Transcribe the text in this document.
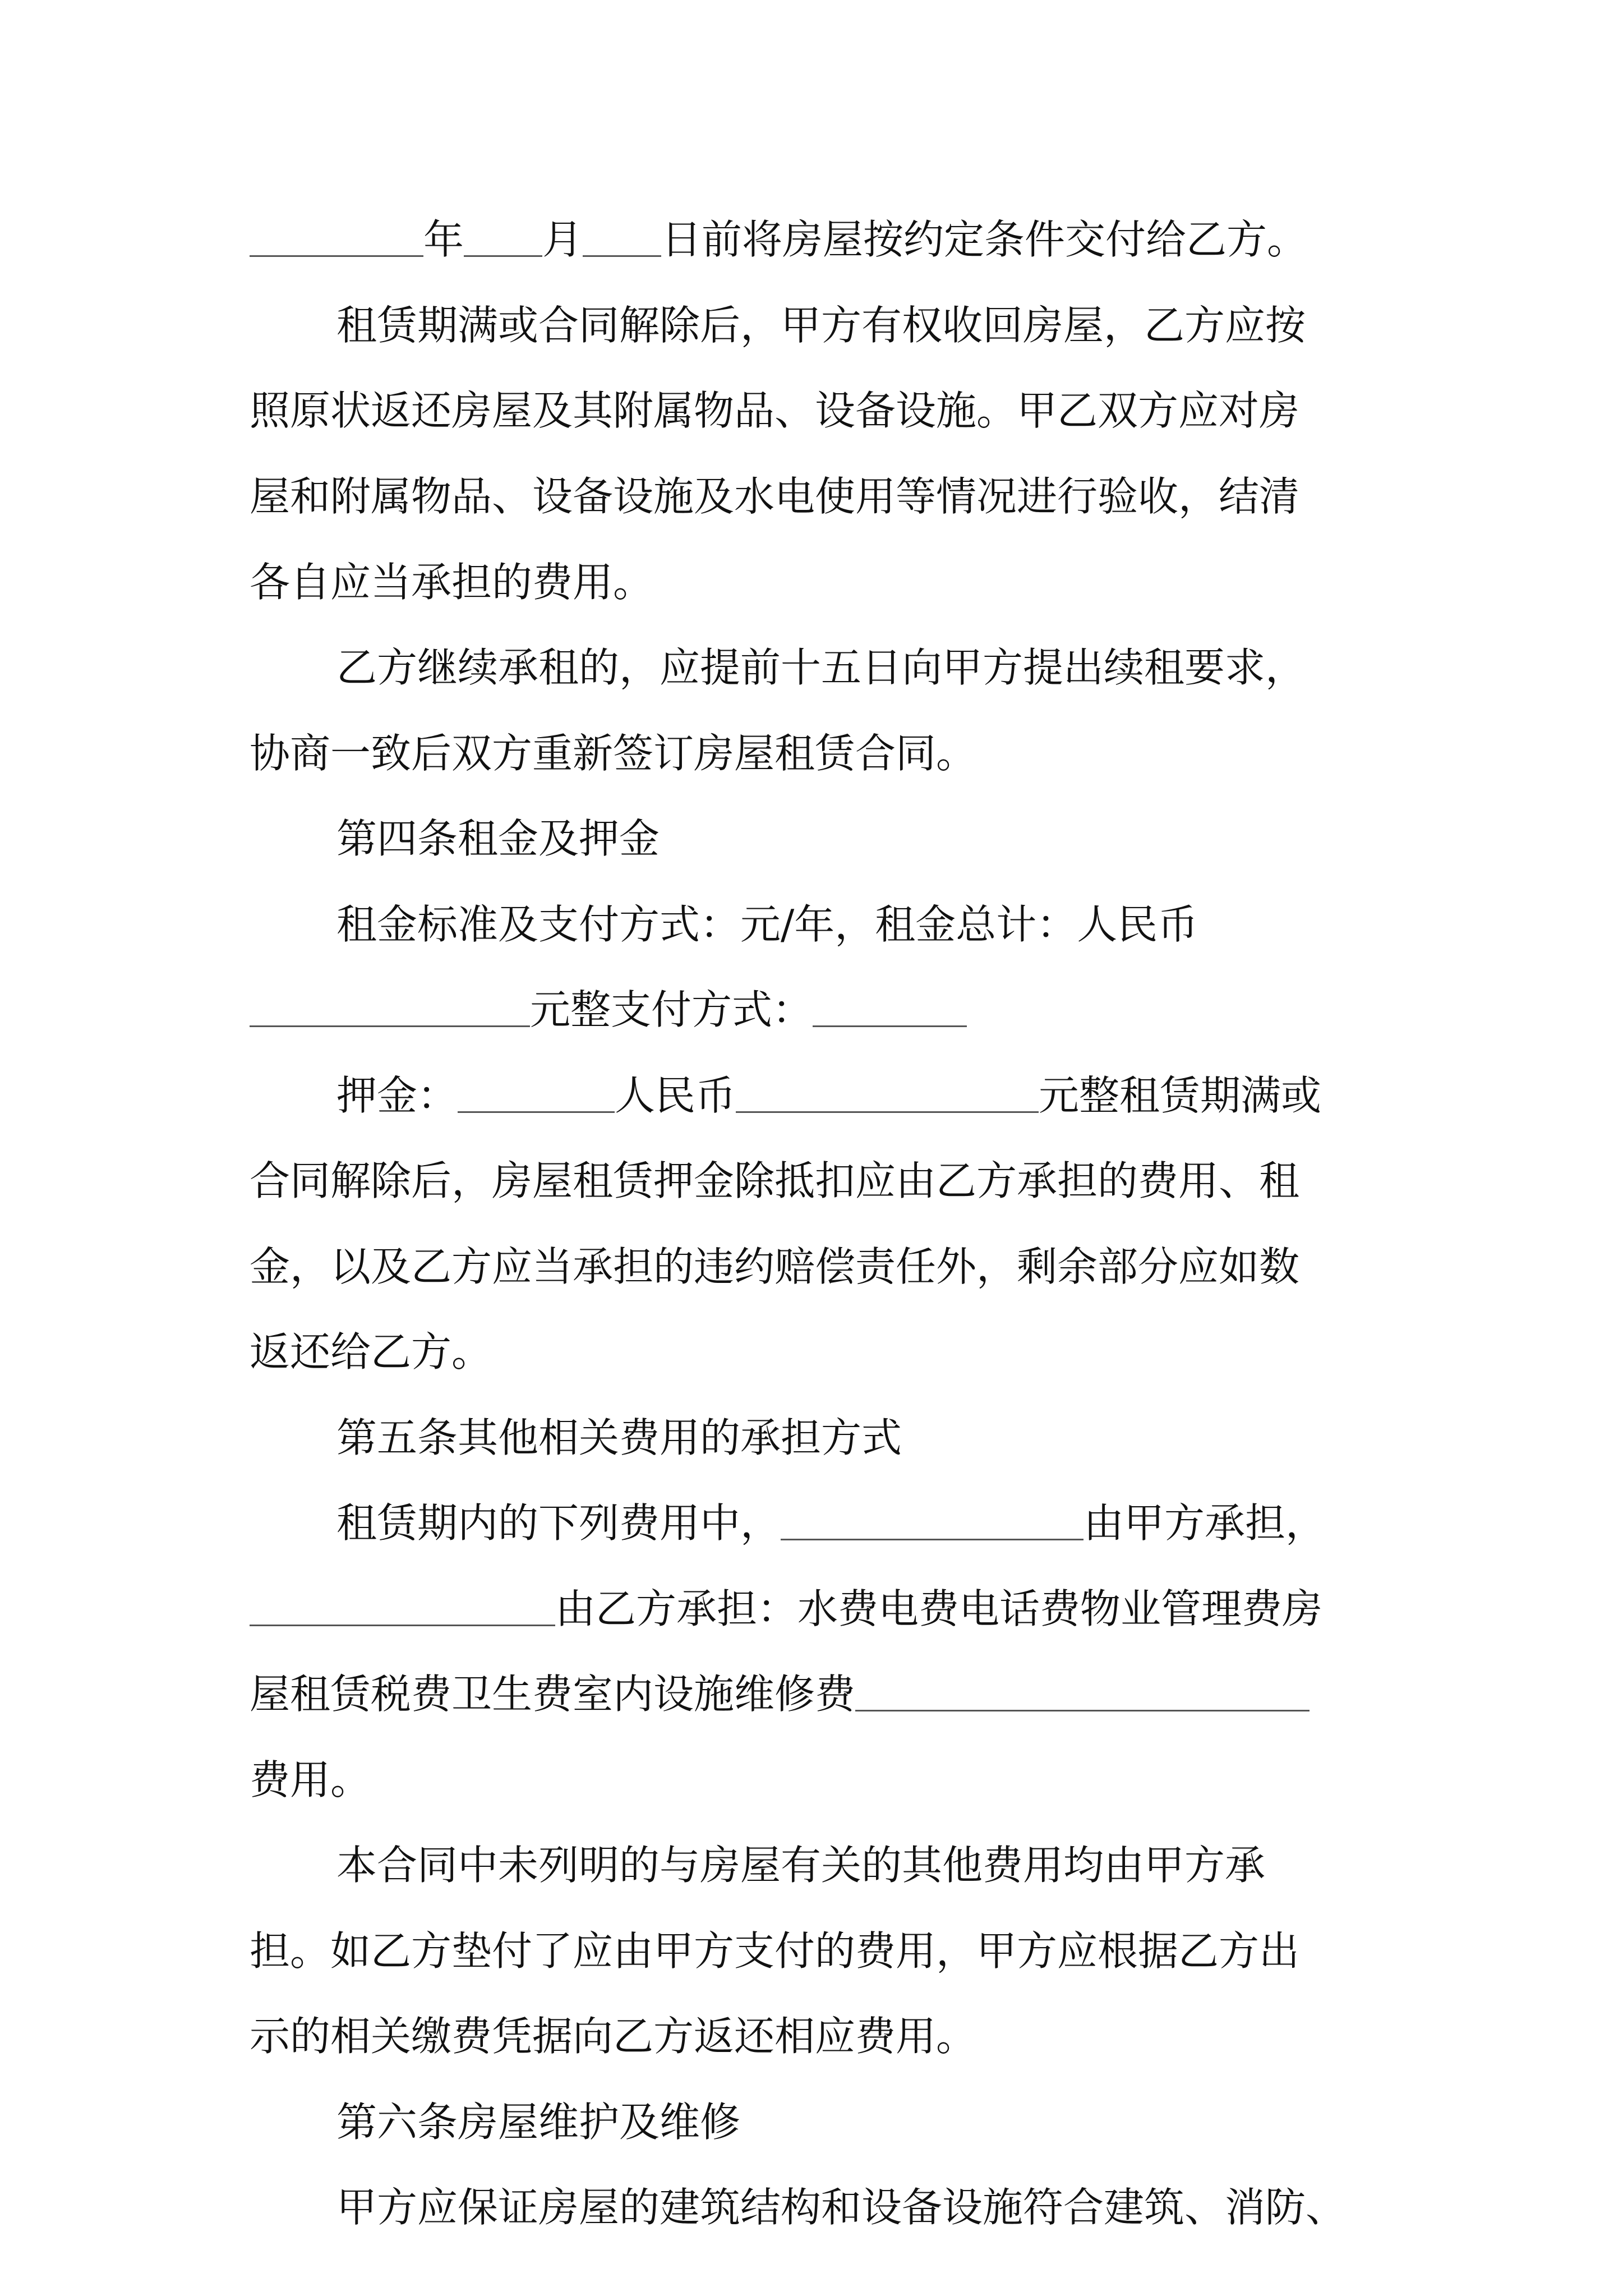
年 月 日前将房屋按约定条件交付给乙方。
租赁期满或合同解除后，甲方有权收回房屋，乙方应按
照原状返还房屋及其附属物品、设备设施。甲乙双方应对房
屋和附属物品、设备设施及水电使用等情况进行验收，结清
各自应当承担的费用。
乙方继续承租的，应提前十五日向甲方提出续租要求，
协商一致后双方重新签订房屋租赁合同。
第四条租金及押金
租金标准及支付方式：元/年，租金总计：人民币
元整支付方式：
押金：	人民币	元整租赁期满或
合同解除后，房屋租赁押金除抵扣应由乙方承担的费用、租
金，以及乙方应当承担的违约赔偿责任外，剩余部分应如数
返还给乙方。
第五条其他相关费用的承担方式
租赁期内的下列费用中，	由甲方承担，
由乙方承担：水费电费电话费物业管理费房
屋租赁税费卫生费室内设施维修费
费用。
本合同中未列明的与房屋有关的其他费用均由甲方承
担。如乙方垫付了应由甲方支付的费用，甲方应根据乙方出
示的相关缴费凭据向乙方返还相应费用。
第六条房屋维护及维修
甲方应保证房屋的建筑结构和设备设施符合建筑、消防、
